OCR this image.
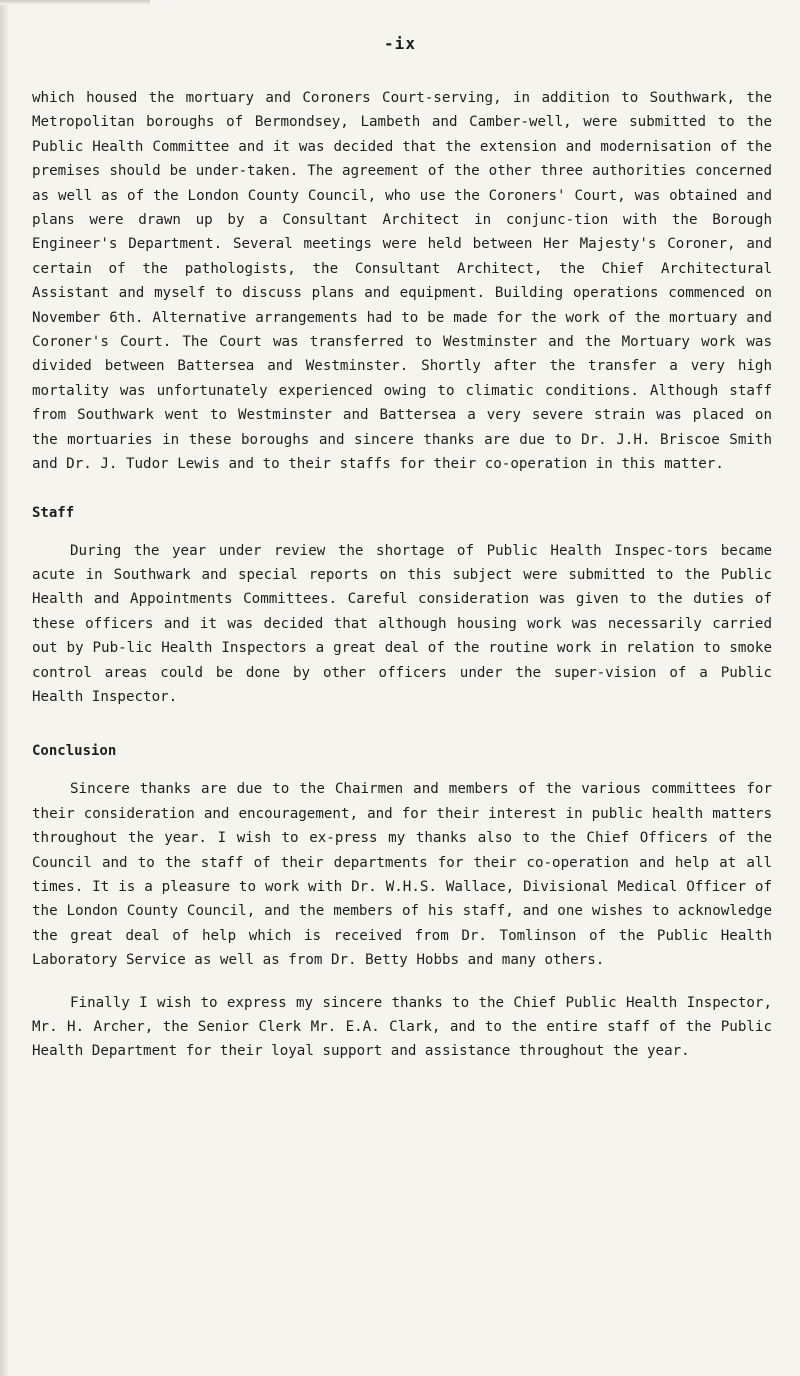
-ix

which housed the mortuary and Coroners Court-serving, in addition to Southwark, the Metropolitan boroughs of Bermondsey, Lambeth and Camber-well, were submitted to the Public Health Committee and it was decided that the extension and modernisation of the premises should be under-taken. The agreement of the other three authorities concerned as well as of the London County Council, who use the Coroners' Court, was obtained and plans were drawn up by a Consultant Architect in conjunc-tion with the Borough Engineer's Department. Several meetings were held between Her Majesty's Coroner, and certain of the pathologists, the Consultant Architect, the Chief Architectural Assistant and myself to discuss plans and equipment. Building operations commenced on November 6th. Alternative arrangements had to be made for the work of the mortuary and Coroner's Court. The Court was transferred to Westminster and the Mortuary work was divided between Battersea and Westminster. Shortly after the transfer a very high mortality was unfortunately experienced owing to climatic conditions. Although staff from Southwark went to Westminster and Battersea a very severe strain was placed on the mortuaries in these boroughs and sincere thanks are due to Dr. J.H. Briscoe Smith and Dr. J. Tudor Lewis and to their staffs for their co-operation in this matter.

Staff

During the year under review the shortage of Public Health Inspec-tors became acute in Southwark and special reports on this subject were submitted to the Public Health and Appointments Committees. Careful consideration was given to the duties of these officers and it was decided that although housing work was necessarily carried out by Pub-lic Health Inspectors a great deal of the routine work in relation to smoke control areas could be done by other officers under the super-vision of a Public Health Inspector.

Conclusion

Sincere thanks are due to the Chairmen and members of the various committees for their consideration and encouragement, and for their interest in public health matters throughout the year. I wish to ex-press my thanks also to the Chief Officers of the Council and to the staff of their departments for their co-operation and help at all times. It is a pleasure to work with Dr. W.H.S. Wallace, Divisional Medical Officer of the London County Council, and the members of his staff, and one wishes to acknowledge the great deal of help which is received from Dr. Tomlinson of the Public Health Laboratory Service as well as from Dr. Betty Hobbs and many others.

Finally I wish to express my sincere thanks to the Chief Public Health Inspector, Mr. H. Archer, the Senior Clerk Mr. E.A. Clark, and to the entire staff of the Public Health Department for their loyal support and assistance throughout the year.
